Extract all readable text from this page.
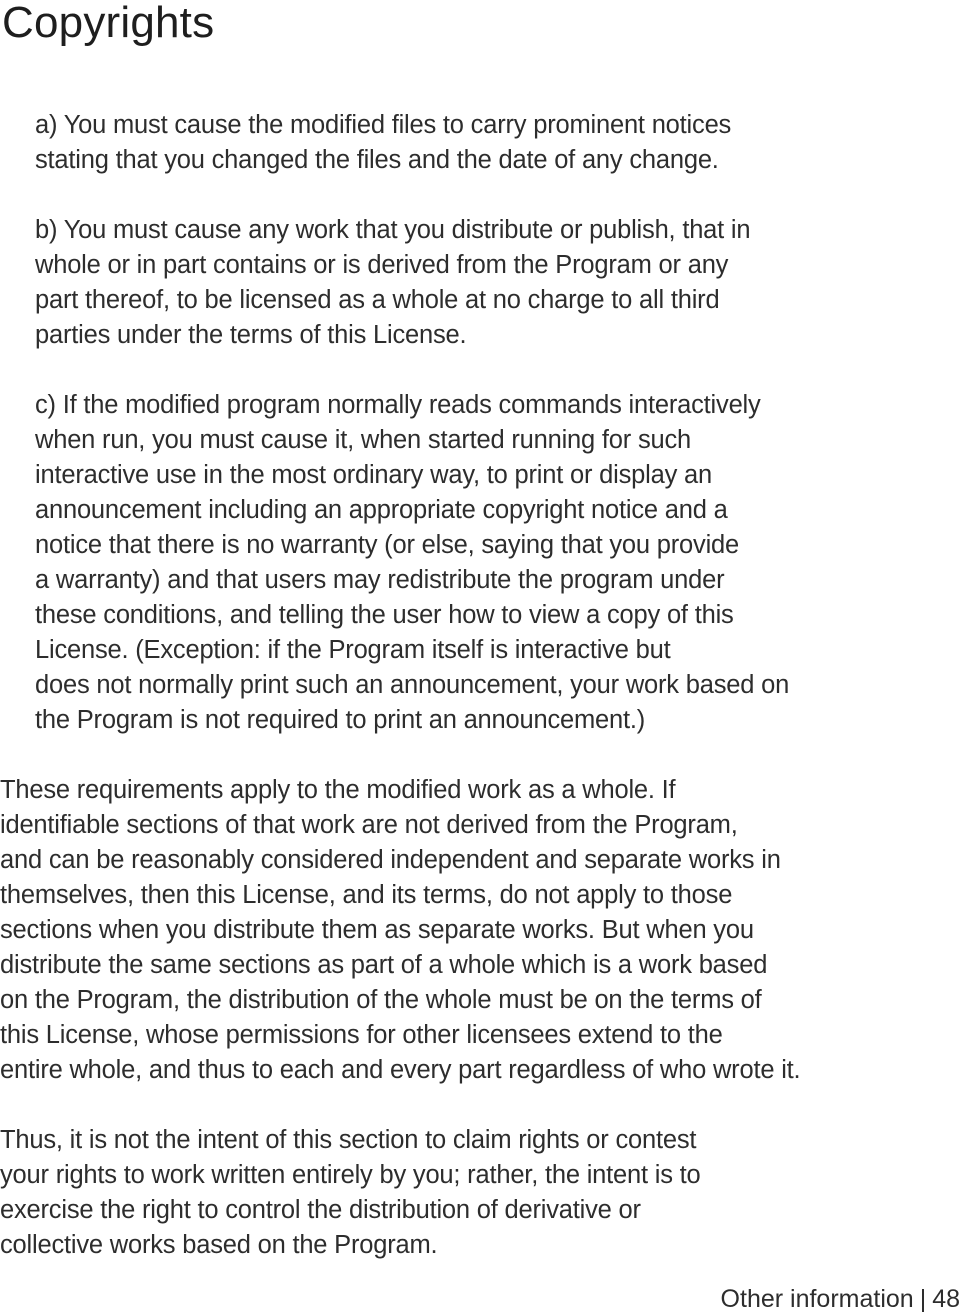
Copyrights

a) You must cause the modified files to carry prominent notices
stating that you changed the files and the date of any change.

b) You must cause any work that you distribute or publish, that in
whole or in part contains or is derived from the Program or any
part thereof, to be licensed as a whole at no charge to all third
parties under the terms of this License.

c) If the modified program normally reads commands interactively
when run, you must cause it, when started running for such
interactive use in the most ordinary way, to print or display an
announcement including an appropriate copyright notice and a
notice that there is no warranty (or else, saying that you provide
a warranty) and that users may redistribute the program under
these conditions, and telling the user how to view a copy of this
License. (Exception: if the Program itself is interactive but
does not normally print such an announcement, your work based on
the Program is not required to print an announcement.)

These requirements apply to the modified work as a whole. If
identifiable sections of that work are not derived from the Program,
and can be reasonably considered independent and separate works in
themselves, then this License, and its terms, do not apply to those
sections when you distribute them as separate works. But when you
distribute the same sections as part of a whole which is a work based
on the Program, the distribution of the whole must be on the terms of
this License, whose permissions for other licensees extend to the
entire whole, and thus to each and every part regardless of who wrote it.

Thus, it is not the intent of this section to claim rights or contest
your rights to work written entirely by you; rather, the intent is to
exercise the right to control the distribution of derivative or
collective works based on the Program.

Other information | 48
